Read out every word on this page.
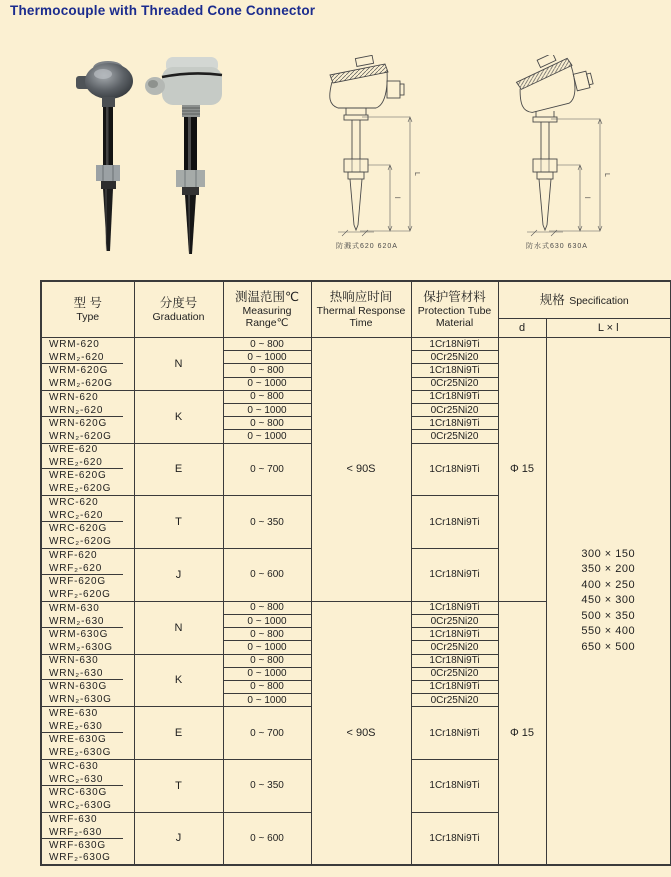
Thermocouple with Threaded Cone Connector
L
l
防溅式620 620A
L
l
防水式630 630A
型 号
Type

分度号
Graduation

测温范围℃
Measuring Range℃

热响应时间
Thermal Response Time

保护管材料
Protection Tube Material
	规格 Specification
					d	L × l
WRM-620	N	0 ~ 800	< 90S	1Cr18Ni9Ti	Φ 15	
300 × 150
350 × 200
400 × 250
450 × 300
500 × 350
550 × 400
650 × 500

WRM₂-620		0 ~ 1000		0Cr25Ni20		
WRM-620G		0 ~ 800		1Cr18Ni9Ti		
WRM₂-620G		0 ~ 1000		0Cr25Ni20		
WRN-620	K	0 ~ 800		1Cr18Ni9Ti		
WRN₂-620		0 ~ 1000		0Cr25Ni20		
WRN-620G		0 ~ 800		1Cr18Ni9Ti		
WRN₂-620G		0 ~ 1000		0Cr25Ni20		
WRE-620	E	0 ~ 700		1Cr18Ni9Ti		
WRE₂-620						
WRE-620G						
WRE₂-620G						
WRC-620	T	0 ~ 350		1Cr18Ni9Ti		
WRC₂-620						
WRC-620G						
WRC₂-620G						
WRF-620	J	0 ~ 600		1Cr18Ni9Ti		
WRF₂-620						
WRF-620G						
WRF₂-620G						
WRM-630	N	0 ~ 800	< 90S	1Cr18Ni9Ti	Φ 15	
WRM₂-630		0 ~ 1000		0Cr25Ni20		
WRM-630G		0 ~ 800		1Cr18Ni9Ti		
WRM₂-630G		0 ~ 1000		0Cr25Ni20		
WRN-630	K	0 ~ 800		1Cr18Ni9Ti		
WRN₂-630		0 ~ 1000		0Cr25Ni20		
WRN-630G		0 ~ 800		1Cr18Ni9Ti		
WRN₂-630G		0 ~ 1000		0Cr25Ni20		
WRE-630	E	0 ~ 700		1Cr18Ni9Ti		
WRE₂-630						
WRE-630G						
WRE₂-630G						
WRC-630	T	0 ~ 350		1Cr18Ni9Ti		
WRC₂-630						
WRC-630G						
WRC₂-630G						
WRF-630	J	0 ~ 600		1Cr18Ni9Ti		
WRF₂-630						
WRF-630G						
WRF₂-630G						
